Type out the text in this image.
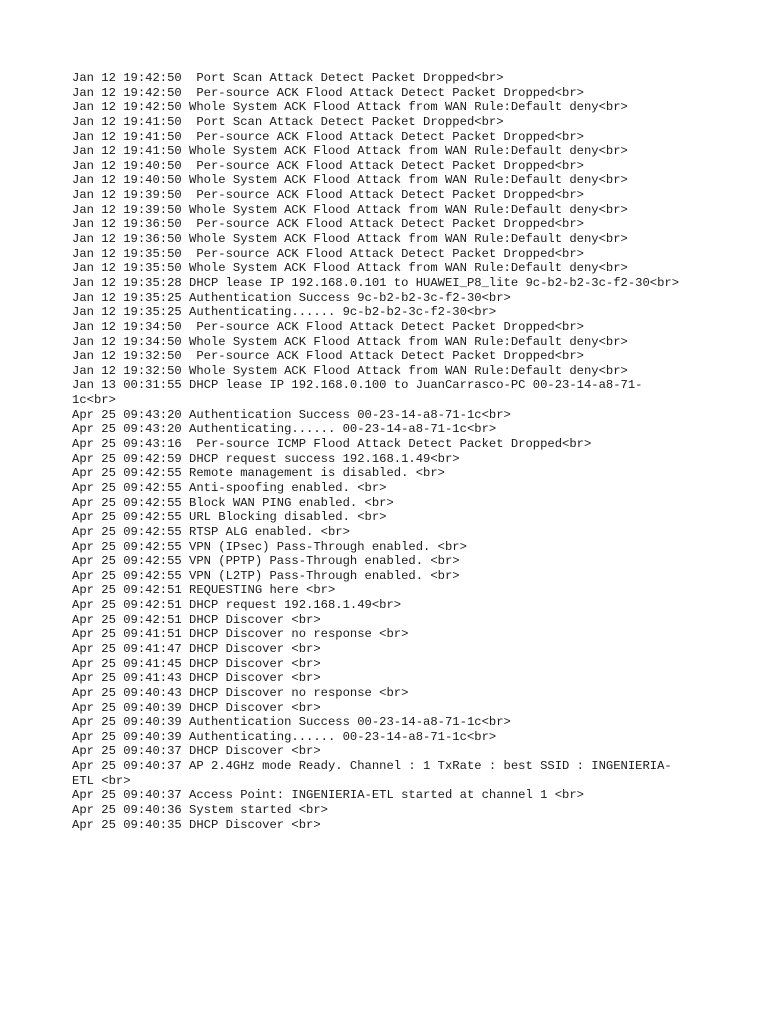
Jan 12 19:42:50  Port Scan Attack Detect Packet Dropped<br>
Jan 12 19:42:50  Per-source ACK Flood Attack Detect Packet Dropped<br>
Jan 12 19:42:50 Whole System ACK Flood Attack from WAN Rule:Default deny<br>
Jan 12 19:41:50  Port Scan Attack Detect Packet Dropped<br>
Jan 12 19:41:50  Per-source ACK Flood Attack Detect Packet Dropped<br>
Jan 12 19:41:50 Whole System ACK Flood Attack from WAN Rule:Default deny<br>
Jan 12 19:40:50  Per-source ACK Flood Attack Detect Packet Dropped<br>
Jan 12 19:40:50 Whole System ACK Flood Attack from WAN Rule:Default deny<br>
Jan 12 19:39:50  Per-source ACK Flood Attack Detect Packet Dropped<br>
Jan 12 19:39:50 Whole System ACK Flood Attack from WAN Rule:Default deny<br>
Jan 12 19:36:50  Per-source ACK Flood Attack Detect Packet Dropped<br>
Jan 12 19:36:50 Whole System ACK Flood Attack from WAN Rule:Default deny<br>
Jan 12 19:35:50  Per-source ACK Flood Attack Detect Packet Dropped<br>
Jan 12 19:35:50 Whole System ACK Flood Attack from WAN Rule:Default deny<br>
Jan 12 19:35:28 DHCP lease IP 192.168.0.101 to HUAWEI_P8_lite 9c-b2-b2-3c-f2-30<br>
Jan 12 19:35:25 Authentication Success 9c-b2-b2-3c-f2-30<br>
Jan 12 19:35:25 Authenticating...... 9c-b2-b2-3c-f2-30<br>
Jan 12 19:34:50  Per-source ACK Flood Attack Detect Packet Dropped<br>
Jan 12 19:34:50 Whole System ACK Flood Attack from WAN Rule:Default deny<br>
Jan 12 19:32:50  Per-source ACK Flood Attack Detect Packet Dropped<br>
Jan 12 19:32:50 Whole System ACK Flood Attack from WAN Rule:Default deny<br>
Jan 13 00:31:55 DHCP lease IP 192.168.0.100 to JuanCarrasco-PC 00-23-14-a8-71-
1c<br>
Apr 25 09:43:20 Authentication Success 00-23-14-a8-71-1c<br>
Apr 25 09:43:20 Authenticating...... 00-23-14-a8-71-1c<br>
Apr 25 09:43:16  Per-source ICMP Flood Attack Detect Packet Dropped<br>
Apr 25 09:42:59 DHCP request success 192.168.1.49<br>
Apr 25 09:42:55 Remote management is disabled. <br>
Apr 25 09:42:55 Anti-spoofing enabled. <br>
Apr 25 09:42:55 Block WAN PING enabled. <br>
Apr 25 09:42:55 URL Blocking disabled. <br>
Apr 25 09:42:55 RTSP ALG enabled. <br>
Apr 25 09:42:55 VPN (IPsec) Pass-Through enabled. <br>
Apr 25 09:42:55 VPN (PPTP) Pass-Through enabled. <br>
Apr 25 09:42:55 VPN (L2TP) Pass-Through enabled. <br>
Apr 25 09:42:51 REQUESTING here <br>
Apr 25 09:42:51 DHCP request 192.168.1.49<br>
Apr 25 09:42:51 DHCP Discover <br>
Apr 25 09:41:51 DHCP Discover no response <br>
Apr 25 09:41:47 DHCP Discover <br>
Apr 25 09:41:45 DHCP Discover <br>
Apr 25 09:41:43 DHCP Discover <br>
Apr 25 09:40:43 DHCP Discover no response <br>
Apr 25 09:40:39 DHCP Discover <br>
Apr 25 09:40:39 Authentication Success 00-23-14-a8-71-1c<br>
Apr 25 09:40:39 Authenticating...... 00-23-14-a8-71-1c<br>
Apr 25 09:40:37 DHCP Discover <br>
Apr 25 09:40:37 AP 2.4GHz mode Ready. Channel : 1 TxRate : best SSID : INGENIERIA-
ETL <br>
Apr 25 09:40:37 Access Point: INGENIERIA-ETL started at channel 1 <br>
Apr 25 09:40:36 System started <br>
Apr 25 09:40:35 DHCP Discover <br>
